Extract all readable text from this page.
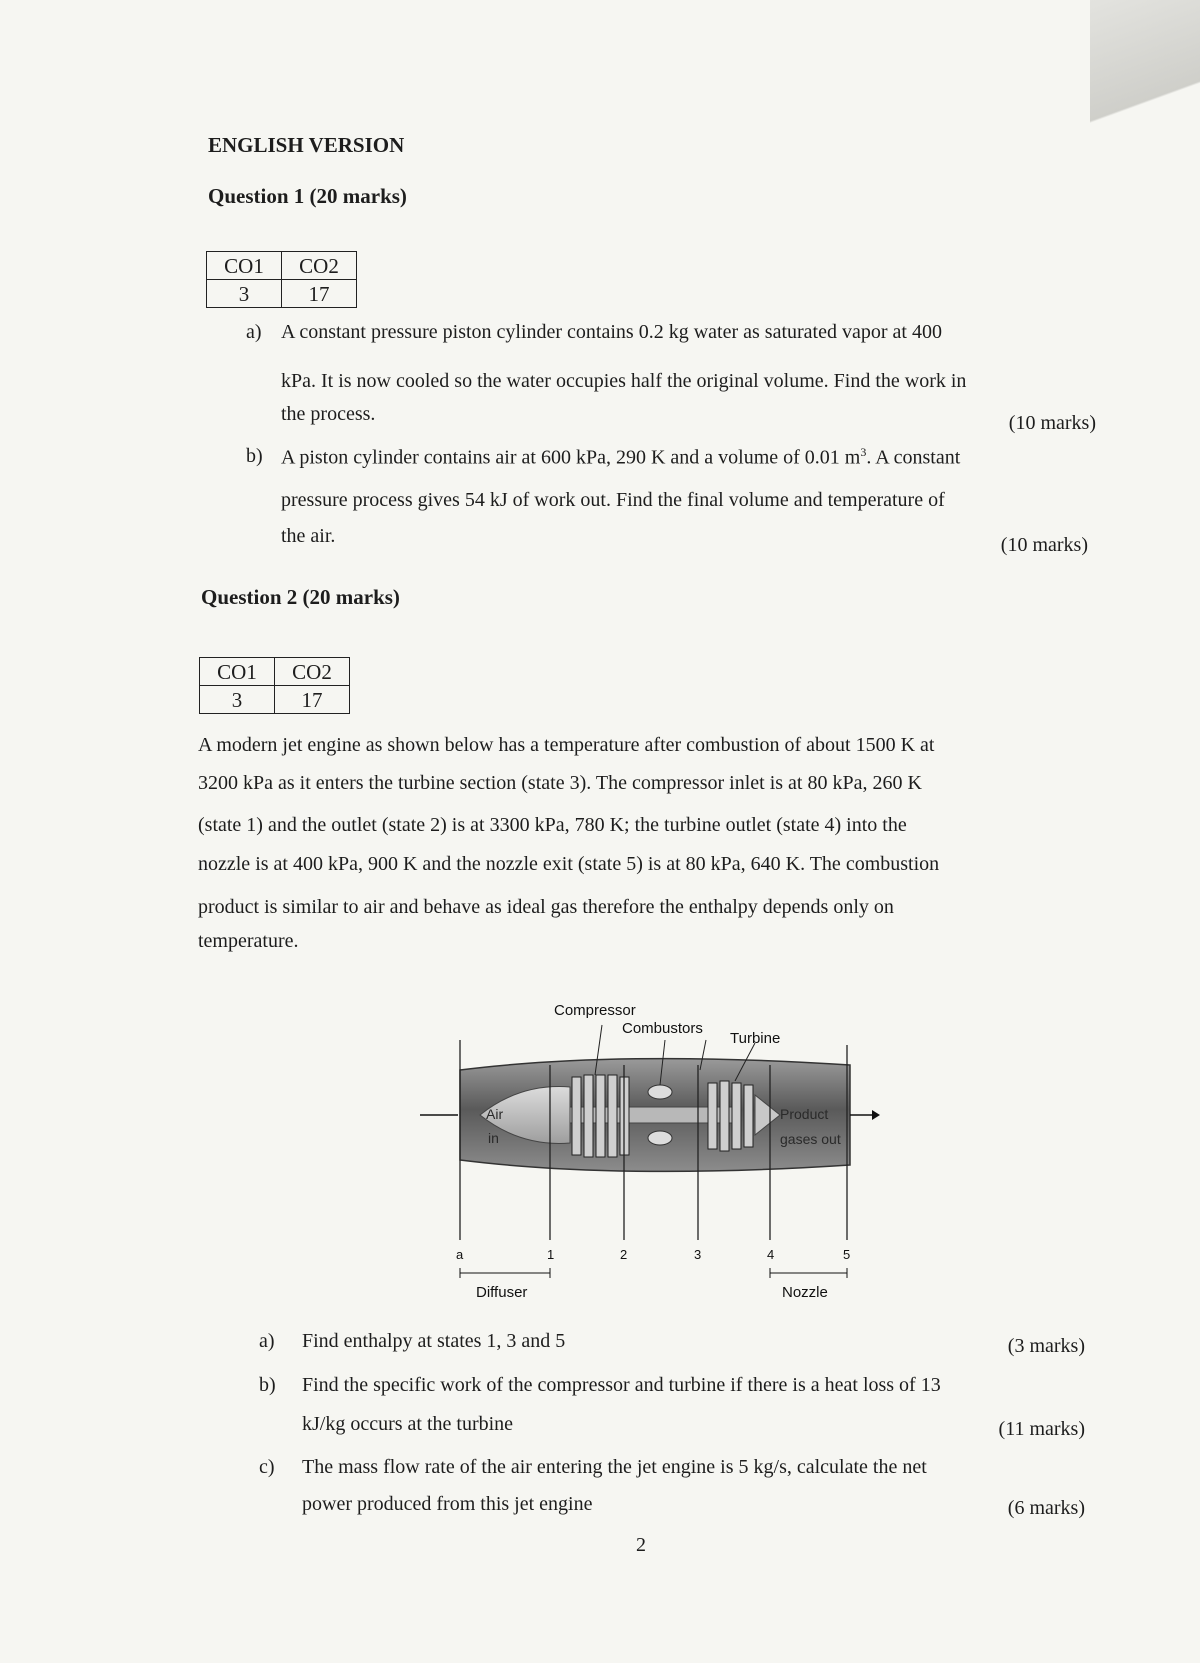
ENGLISH VERSION
Question 1 (20 marks)
CO1	CO2
3	17
a) A constant pressure piston cylinder contains 0.2 kg water as saturated vapor at 400
kPa. It is now cooled so the water occupies half the original volume. Find the work in
the process.	(10 marks)
b) A piston cylinder contains air at 600 kPa, 290 K and a volume of 0.01 $m^3$. A constant
pressure process gives 54 kJ of work out. Find the final volume and temperature of
the air.	(10 marks)
Question 2 (20 marks)
CO1	CO2
3	17
A modern jet engine as shown below has a temperature after combustion of about 1500 K at
3200 kPa as it enters the turbine section (state 3). The compressor inlet is at 80 kPa, 260 K
(state 1) and the outlet (state 2) is at 3300 kPa, 780 K; the turbine outlet (state 4) into the
nozzle is at 400 kPa, 900 K and the nozzle exit (state 5) is at 80 kPa, 640 K. The combustion
product is similar to air and behave as ideal gas therefore the enthalpy depends only on
temperature.
Compressor
Combustors
Turbine
Air
in
Product
gases out
a	1	2	3	4	5
Diffuser	Nozzle
a) Find enthalpy at states 1, 3 and 5	(3 marks)
b) Find the specific work of the compressor and turbine if there is a heat loss of 13
kJ/kg occurs at the turbine	(11 marks)
c) The mass flow rate of the air entering the jet engine is 5 kg/s, calculate the net
power produced from this jet engine	(6 marks)
2
